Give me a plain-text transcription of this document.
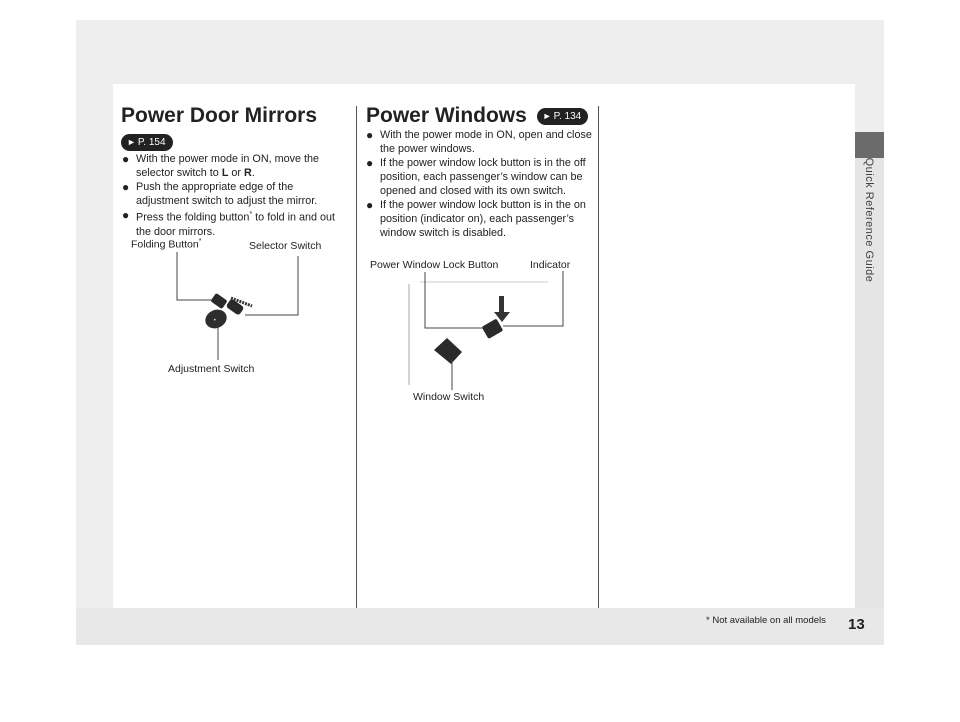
Quick Reference Guide
Power Door Mirrors
► P. 154
● With the power mode in ON, move the selector switch to L or R.
● Push the appropriate edge of the adjustment switch to adjust the mirror.
● Press the folding button* to fold in and out the door mirrors.
Folding Button*	Selector Switch
Adjustment Switch
Power Windows ► P. 134
● With the power mode in ON, open and close the power windows.
● If the power window lock button is in the off position, each passenger’s window can be opened and closed with its own switch.
● If the power window lock button is in the on position (indicator on), each passenger’s window switch is disabled.
Power Window Lock Button	Indicator
Window Switch
•
* Not available on all models 13
